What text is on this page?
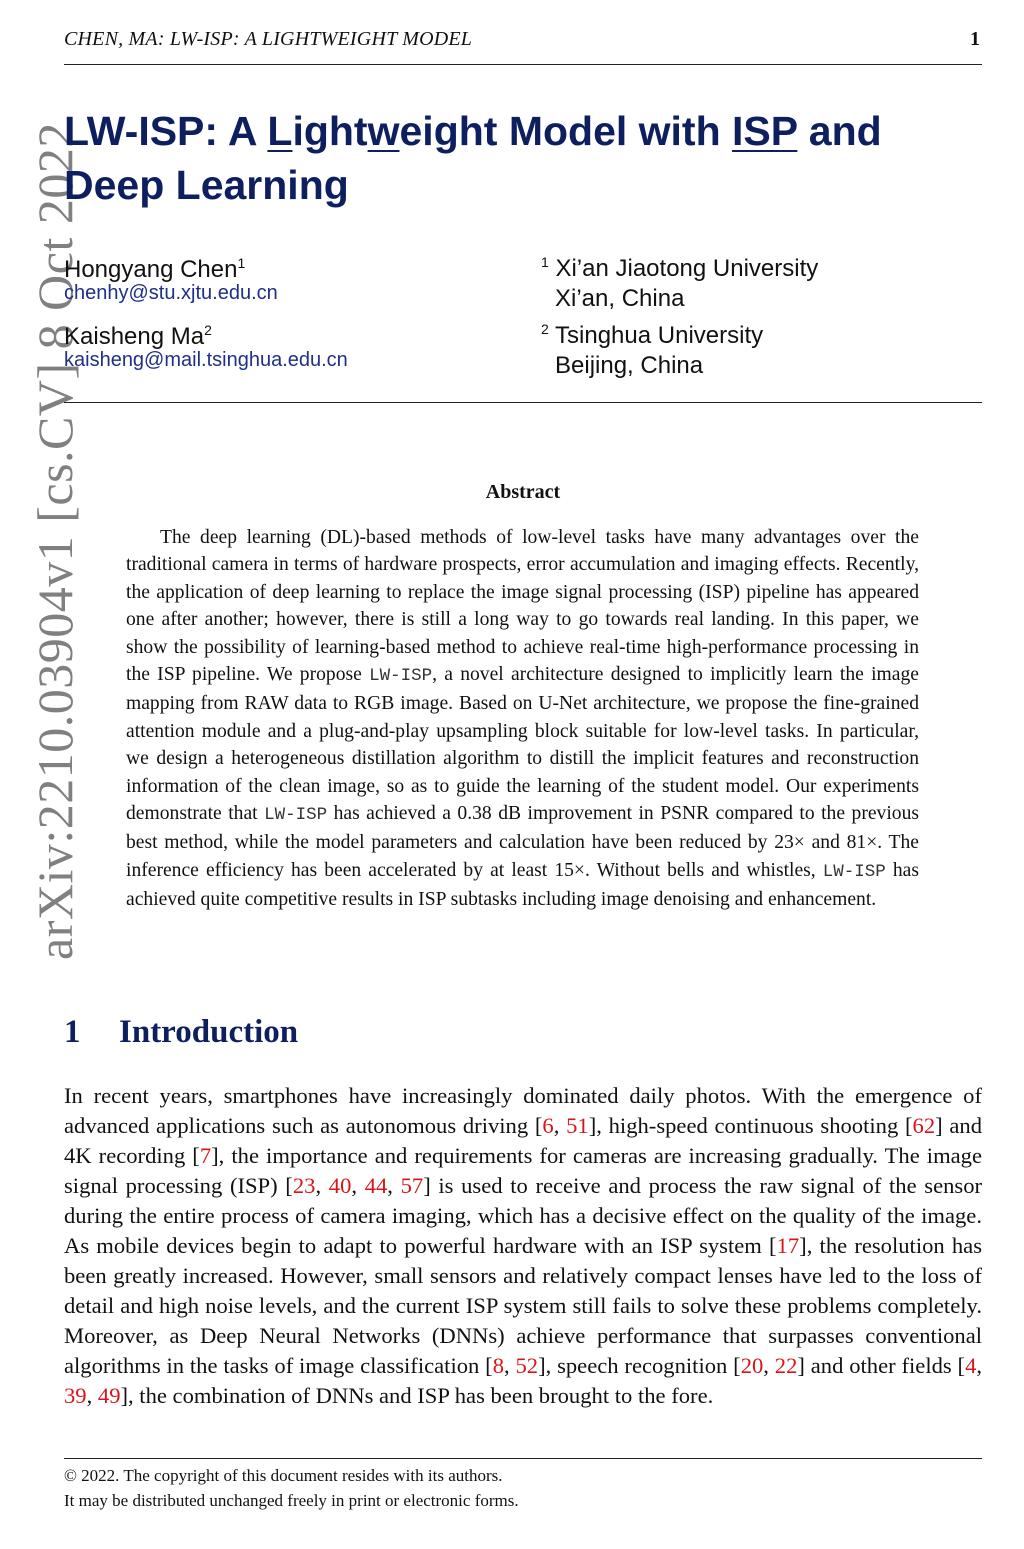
CHEN, MA: LW-ISP: A LIGHTWEIGHT MODEL	1
arXiv:2210.03904v1 [cs.CV] 8 Oct 2022
LW-ISP: A Lightweight Model with ISP and
Deep Learning
Hongyang Chen$^1$
chenhy@stu.xjtu.edu.cn
Kaisheng Ma$^2$
kaisheng@mail.tsinghua.edu.cn
$^1$ Xi’an Jiaotong University
Xi’an, China
$^2$ Tsinghua University
Beijing, China
Abstract
The deep learning (DL)-based methods of low-level tasks have many advantages over the traditional camera in terms of hardware prospects, error accumulation and imaging effects. Recently, the application of deep learning to replace the image signal processing (ISP) pipeline has appeared one after another; however, there is still a long way to go towards real landing. In this paper, we show the possibility of learning-based method to achieve real-time high-performance processing in the ISP pipeline. We propose LW-ISP, a novel architecture designed to implicitly learn the image mapping from RAW data to RGB image. Based on U-Net architecture, we propose the fine-grained attention module and a plug-and-play upsampling block suitable for low-level tasks. In particular, we design a heterogeneous distillation algorithm to distill the implicit features and reconstruction information of the clean image, so as to guide the learning of the student model. Our experiments demonstrate that LW-ISP has achieved a 0.38 dB improvement in PSNR compared to the previous best method, while the model parameters and calculation have been reduced by 23× and 81×. The inference efficiency has been accelerated by at least 15×. Without bells and whistles, LW-ISP has achieved quite competitive results in ISP subtasks including image denoising and enhancement.
1 Introduction
In recent years, smartphones have increasingly dominated daily photos. With the emergence of advanced applications such as autonomous driving [6, 51], high-speed continuous shooting [62] and 4K recording [7], the importance and requirements for cameras are increasing gradually. The image signal processing (ISP) [23, 40, 44, 57] is used to receive and process the raw signal of the sensor during the entire process of camera imaging, which has a decisive effect on the quality of the image. As mobile devices begin to adapt to powerful hardware with an ISP system [17], the resolution has been greatly increased. However, small sensors and relatively compact lenses have led to the loss of detail and high noise levels, and the current ISP system still fails to solve these problems completely. Moreover, as Deep Neural Networks (DNNs) achieve performance that surpasses conventional algorithms in the tasks of image classification [8, 52], speech recognition [20, 22] and other fields [4, 39, 49], the combination of DNNs and ISP has been brought to the fore.
© 2022. The copyright of this document resides with its authors.
It may be distributed unchanged freely in print or electronic forms.
